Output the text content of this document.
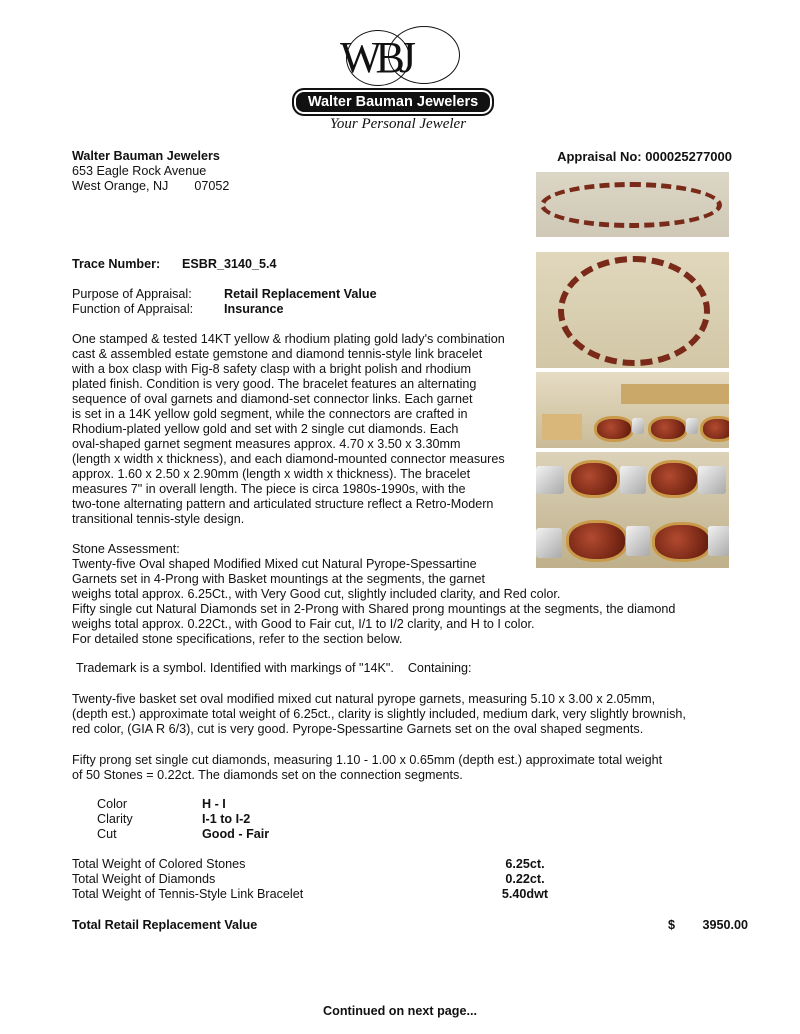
WBJ
Walter Bauman Jewelers
Your Personal Jeweler
Walter Bauman Jewelers
653 Eagle Rock Avenue
West Orange, NJ 07052
Appraisal No: 000025277000
Trace Number: ESBR_3140_5.4
Purpose of Appraisal:	Retail Replacement Value
Function of Appraisal: Insurance
One stamped & tested 14KT yellow & rhodium plating gold lady's combination
cast & assembled estate gemstone and diamond tennis-style link bracelet
with a box clasp with Fig-8 safety clasp with a bright polish and rhodium
plated finish. Condition is very good. The bracelet features an alternating
sequence of oval garnets and diamond-set connector links. Each garnet
is set in a 14K yellow gold segment, while the connectors are crafted in
Rhodium-plated yellow gold and set with 2 single cut diamonds. Each
oval-shaped garnet segment measures approx. 4.70 x 3.50 x 3.30mm
(length x width x thickness), and each diamond-mounted connector measures
approx. 1.60 x 2.50 x 2.90mm (length x width x thickness). The bracelet
measures 7" in overall length. The piece is circa 1980s-1990s, with the
two-tone alternating pattern and articulated structure reflect a Retro-Modern
transitional tennis-style design.
Stone Assessment:
Twenty-five Oval shaped Modified Mixed cut Natural Pyrope-Spessartine
Garnets set in 4-Prong with Basket mountings at the segments, the garnet
weighs total approx. 6.25Ct., with Very Good cut, slightly included clarity, and Red color.
Fifty single cut Natural Diamonds set in 2-Prong with Shared prong mountings at the segments, the diamond
weighs total approx. 0.22Ct., with Good to Fair cut, I/1 to I/2 clarity, and H to I color.
For detailed stone specifications, refer to the section below.
Trademark is a symbol. Identified with markings of "14K".    Containing:
Twenty-five basket set oval modified mixed cut natural pyrope garnets, measuring 5.10 x 3.00 x 2.05mm,
(depth est.) approximate total weight of 6.25ct., clarity is slightly included, medium dark, very slightly brownish,
red color, (GIA R 6/3), cut is very good. Pyrope-Spessartine Garnets set on the oval shaped segments.
Fifty prong set single cut diamonds, measuring 1.10 - 1.00 x 0.65mm (depth est.) approximate total weight
of 50 Stones = 0.22ct. The diamonds set on the connection segments.
Color	H - I
Clarity	I-1 to I-2
Cut	Good - Fair
Total Weight of Colored Stones	6.25ct.
Total Weight of Diamonds	0.22ct.
Total Weight of Tennis-Style Link Bracelet	5.40dwt
Total Retail Replacement Value	$ 3950.00
Continued on next page...
